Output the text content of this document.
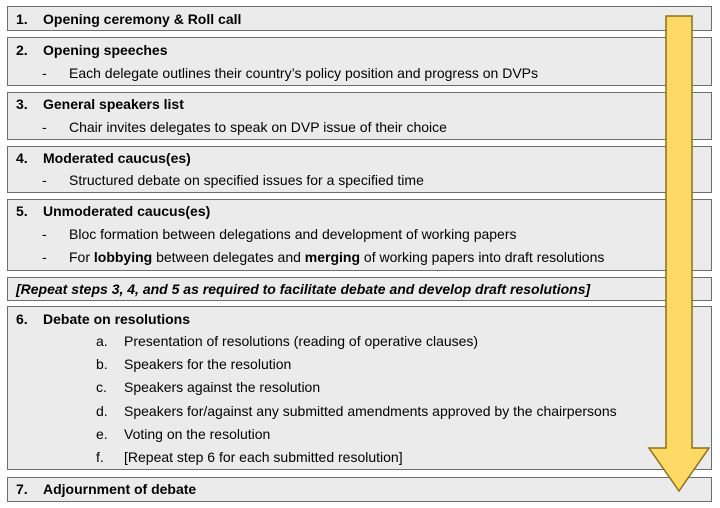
1. Opening ceremony & Roll call
2. Opening speeches
- Each delegate outlines their country’s policy position and progress on DVPs
3. General speakers list
- Chair invites delegates to speak on DVP issue of their choice
4. Moderated caucus(es)
- Structured debate on specified issues for a specified time
5. Unmoderated caucus(es)
- Bloc formation between delegations and development of working papers
- For lobbying between delegates and merging of working papers into draft resolutions
[Repeat steps 3, 4, and 5 as required to facilitate debate and develop draft resolutions]
6. Debate on resolutions
a. Presentation of resolutions (reading of operative clauses)
b. Speakers for the resolution
c. Speakers against the resolution
d. Speakers for/against any submitted amendments approved by the chairpersons
e. Voting on the resolution
f. [Repeat step 6 for each submitted resolution]
7. Adjournment of debate
